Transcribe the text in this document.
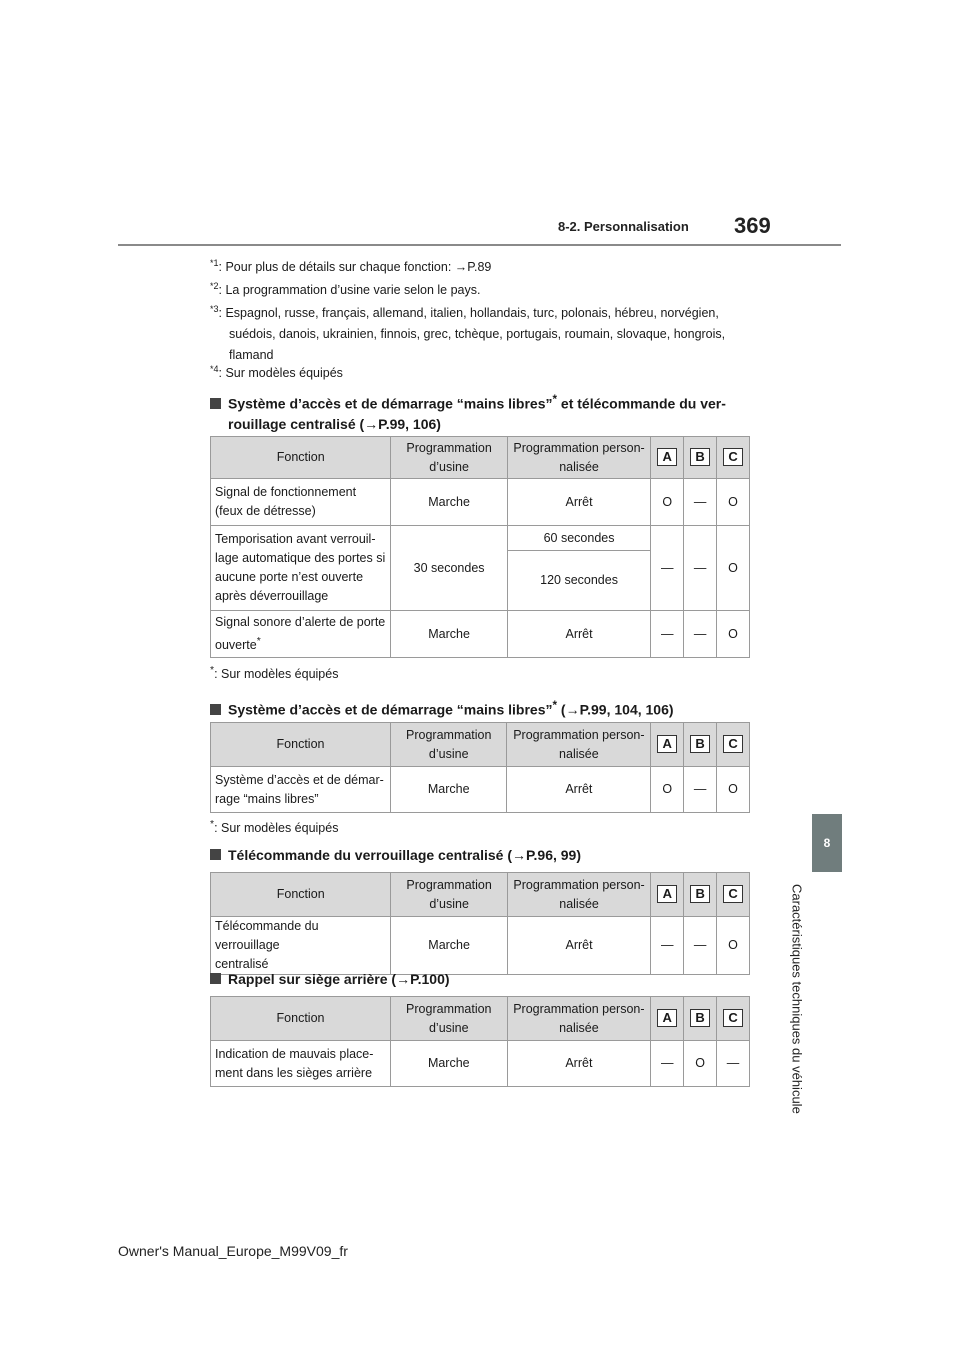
8-2. Personnalisation 369
8
Caractéristiques techniques du véhicule
$^{*1}$: Pour plus de détails sur chaque fonction: →P.89
$^{*2}$: La programmation d’usine varie selon le pays.
$^{*3}$: Espagnol, russe, français, allemand, italien, hollandais, turc, polonais, hébreu, norvégien,
suédois, danois, ukrainien, finnois, grec, tchèque, portugais, roumain, slovaque, hongrois,
flamand
$^{*4}$: Sur modèles équipés
Système d’accès et de démarrage “mains libres”* et télécommande du ver-
rouillage centralisé (→P.99, 106)
Fonction	Programmation
d’usine	Programmation person-
nalisée	A	B	C
Signal de fonctionnement
(feux de détresse)	Marche	Arrêt	O	—	O
Temporisation avant verrouil-
lage automatique des portes si
aucune porte n’est ouverte
après déverrouillage	30 secondes	60 secondes	—	—	O
		120 secondes			
Signal sonore d’alerte de porte
ouverte*	Marche	Arrêt	—	—	O
*: Sur modèles équipés
Système d’accès et de démarrage “mains libres”* (→P.99, 104, 106)
Fonction	Programmation
d’usine	Programmation person-
nalisée	A	B	C
Système d’accès et de démar-
rage “mains libres”	Marche	Arrêt	O	—	O
*: Sur modèles équipés
Télécommande du verrouillage centralisé (→P.96, 99)
Fonction	Programmation
d’usine	Programmation person-
nalisée	A	B	C
Télécommande du verrouillage
centralisé	Marche	Arrêt	—	—	O
Rappel sur siège arrière (→P.100)
Fonction	Programmation
d’usine	Programmation person-
nalisée	A	B	C
Indication de mauvais place-
ment dans les sièges arrière	Marche	Arrêt	—	O	—
Owner's Manual_Europe_M99V09_fr
